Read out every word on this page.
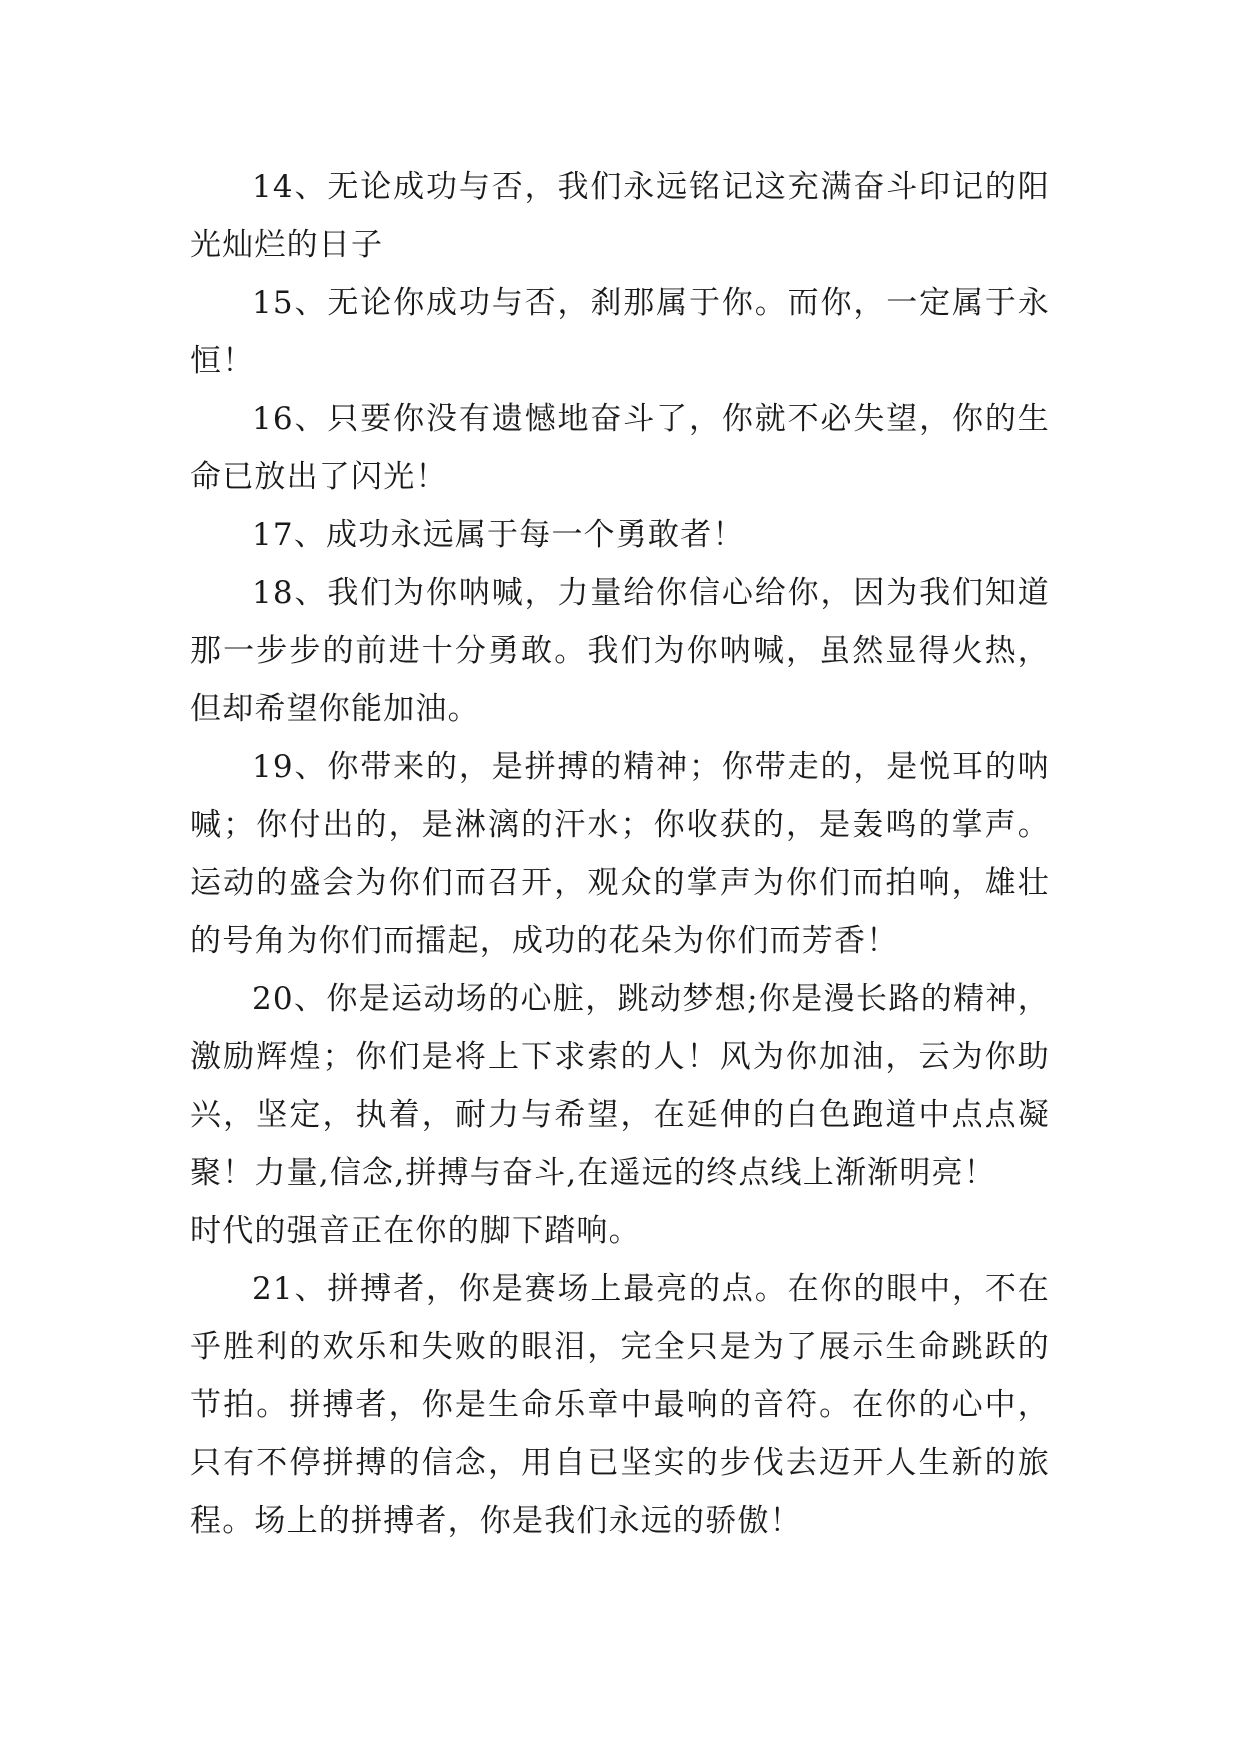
14、无论成功与否，我们永远铭记这充满奋斗印记的阳光灿烂的日子

15、无论你成功与否，刹那属于你。而你，一定属于永恒！

16、只要你没有遗憾地奋斗了，你就不必失望，你的生命已放出了闪光！

17、成功永远属于每一个勇敢者！

18、我们为你呐喊，力量给你信心给你，因为我们知道那一步步的前进十分勇敢。我们为你呐喊，虽然显得火热，但却希望你能加油。

19、你带来的，是拼搏的精神；你带走的，是悦耳的呐喊；你付出的，是淋漓的汗水；你收获的，是轰鸣的掌声。运动的盛会为你们而召开，观众的掌声为你们而拍响，雄壮的号角为你们而擂起，成功的花朵为你们而芳香！

20、你是运动场的心脏，跳动梦想;你是漫长路的精神，激励辉煌；你们是将上下求索的人！风为你加油，云为你助兴，坚定，执着，耐力与希望，在延伸的白色跑道中点点凝聚！力量,信念,拼搏与奋斗,在遥远的终点线上渐渐明亮！

时代的强音正在你的脚下踏响。

21、拼搏者，你是赛场上最亮的点。在你的眼中，不在乎胜利的欢乐和失败的眼泪，完全只是为了展示生命跳跃的节拍。拼搏者，你是生命乐章中最响的音符。在你的心中，只有不停拼搏的信念，用自已坚实的步伐去迈开人生新的旅程。场上的拼搏者，你是我们永远的骄傲！
